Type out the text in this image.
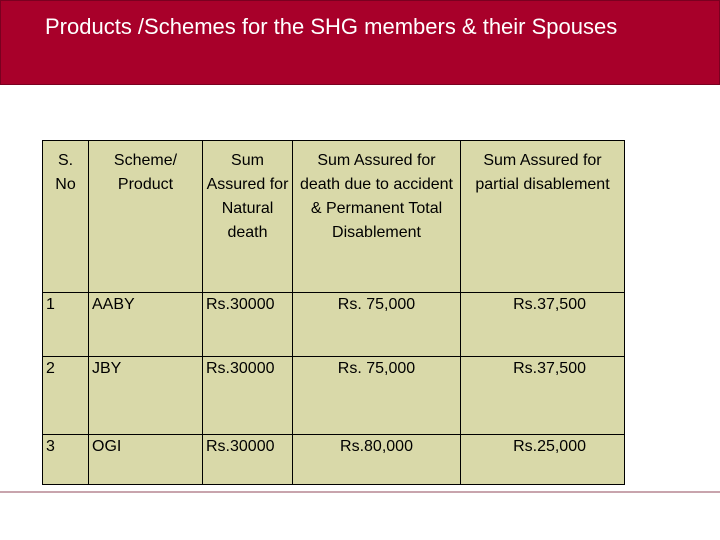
Products /Schemes for the SHG members & their Spouses
S. No	Scheme/ Product	Sum Assured for Natural death	Sum Assured for death due to accident & Permanent Total Disablement	Sum Assured for partial disablement
1	AABY	Rs.30000	Rs. 75,000	Rs.37,500
2	JBY	Rs.30000	Rs. 75,000	Rs.37,500
3	OGI	Rs.30000	Rs.80,000	Rs.25,000
